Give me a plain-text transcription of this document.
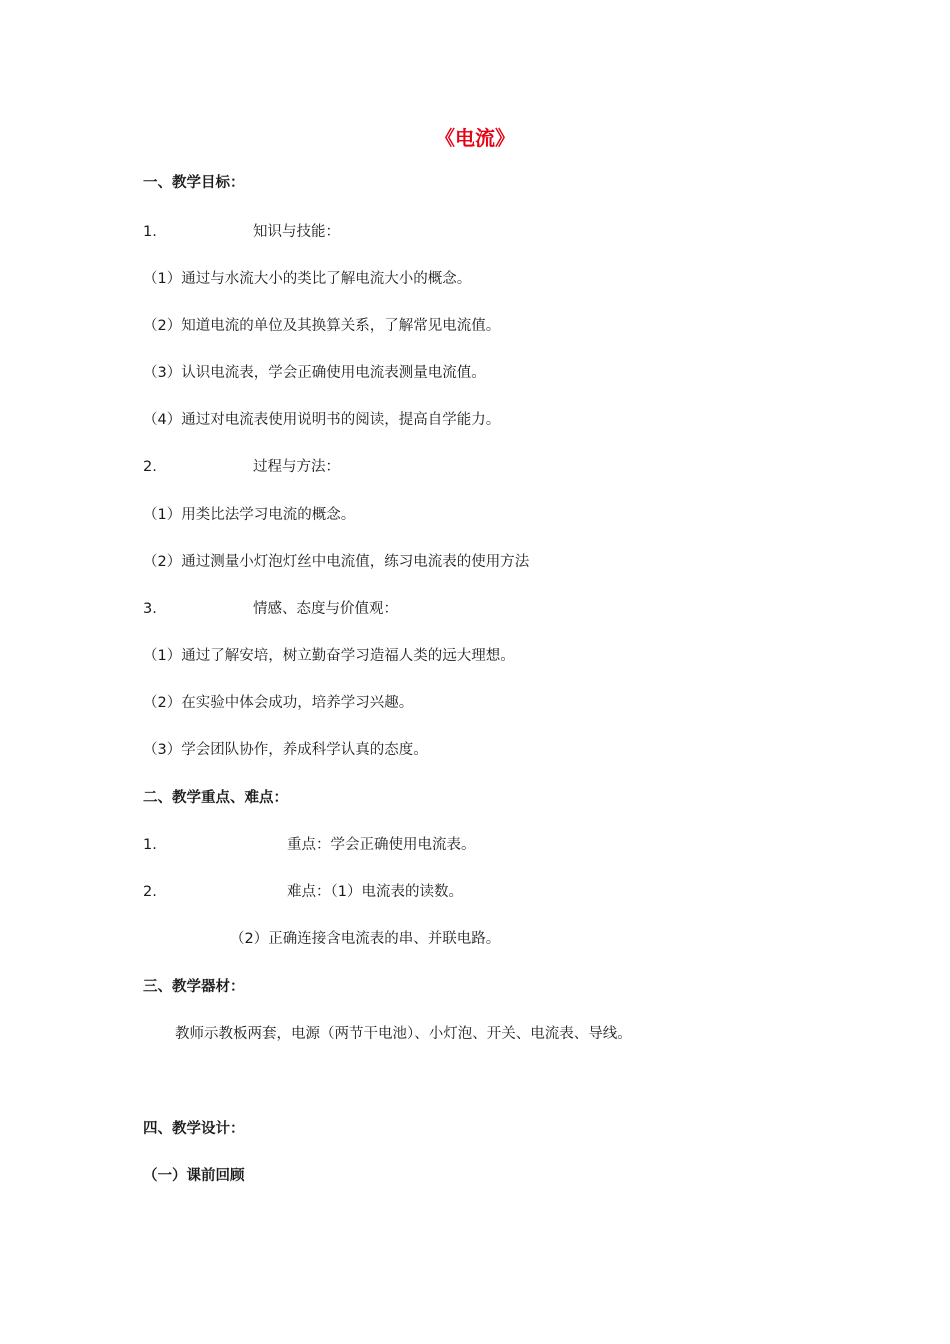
《电流》
一、教学目标：
1.	知识与技能：
（1）通过与水流大小的类比了解电流大小的概念。
（2）知道电流的单位及其换算关系，了解常见电流值。
（3）认识电流表，学会正确使用电流表测量电流值。
（4）通过对电流表使用说明书的阅读，提高自学能力。
2.	过程与方法：
（1）用类比法学习电流的概念。
（2）通过测量小灯泡灯丝中电流值，练习电流表的使用方法
3.	情感、态度与价值观：
（1）通过了解安培，树立勤奋学习造福人类的远大理想。
（2）在实验中体会成功，培养学习兴趣。
（3）学会团队协作，养成科学认真的态度。
二、教学重点、难点：
1.	重点：学会正确使用电流表。
2.	难点：（1）电流表的读数。
（2）正确连接含电流表的串、并联电路。
三、教学器材：
教师示教板两套，电源（两节干电池）、小灯泡、开关、电流表、导线。
四、教学设计：
（一）课前回顾
